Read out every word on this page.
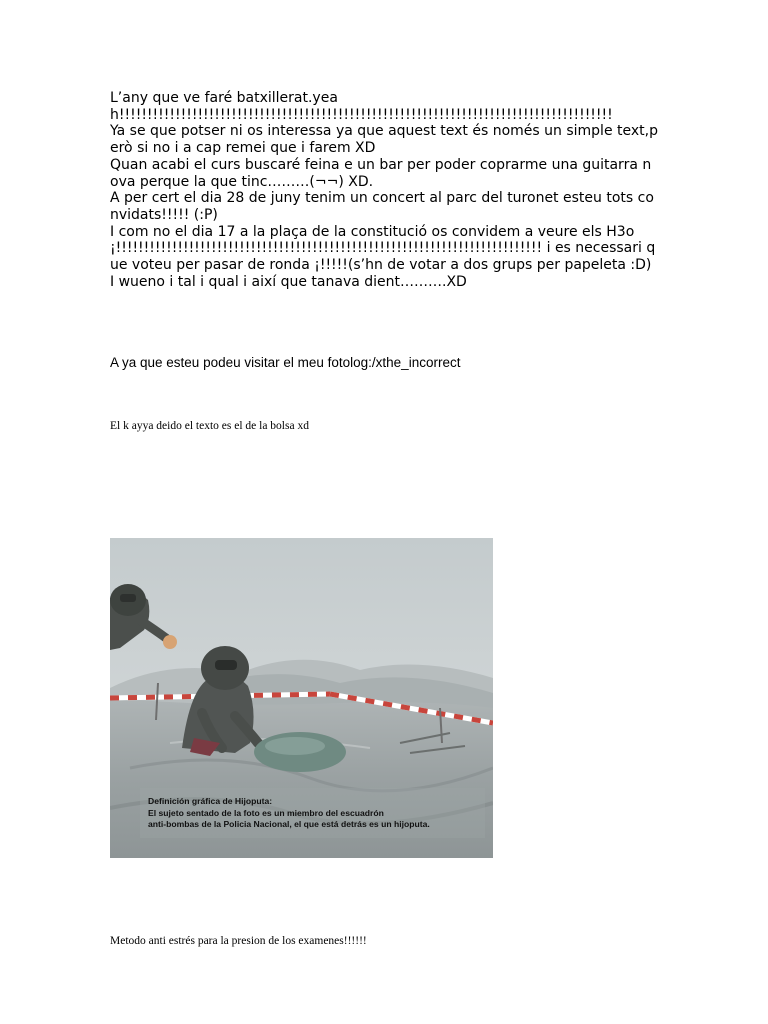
L’any que ve faré batxillerat.yeah!!!!!!!!!!!!!!!!!!!!!!!!!!!!!!!!!!!!!!!!!!!!!!!!!!!!!!!!!!!!!!!!!!!!!!!!!!!!!!!!!!!!!!!!

Ya se que potser ni os interessa ya que aquest text és només un simple text,però si no i a cap remei que i farem XD

Quan acabi el curs buscaré feina e un bar per poder coprarme una guitarra nova perque la que tinc………(¬¬) XD.

A per cert el dia 28 de juny tenim un concert al parc del turonet esteu tots convidats!!!!! (:P)

I com no el dia 17 a la plaça de la constitució os convidem a veure els H3o ¡!!!!!!!!!!!!!!!!!!!!!!!!!!!!!!!!!!!!!!!!!!!!!!!!!!!!!!!!!!!!!!!!!!!!!!!!!!!! i es necessari que voteu per pasar de ronda ¡!!!!!(s’hn de votar a dos grups per papeleta :D)

I wueno i tal i qual i així que tanava dient……….XD

A ya que esteu podeu visitar el meu fotolog:/xthe_incorrect
El k ayya deido el texto es el de la bolsa xd
Definición gráfica de Hijoputa:
El sujeto sentado de la foto es un miembro del escuadrón
anti-bombas de la Policia Nacional, el que está detrás es un hijoputa.
Metodo anti estrés para la presion de los examenes!!!!!!
